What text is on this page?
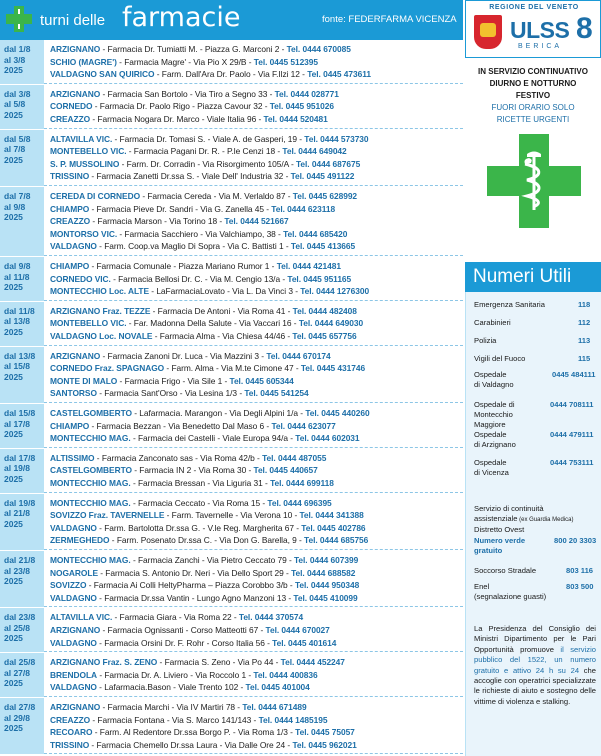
turni delle farmacie	fonte: FEDERFARMA VICENZA
dal 1/8
al 3/8
2025
ARZIGNANO - Farmacia Dr. Tumiatti M. - Piazza G. Marconi 2 - Tel. 0444 670085
SCHIO (MAGRE') - Farmacia Magre' - Via Pio X 29/B - Tel. 0445 512395
VALDAGNO SAN QUIRICO - Farm. Dall'Ara Dr. Paolo - Via F.Ilzi 12 - Tel. 0445 473611
dal 3/8
al 5/8
2025
ARZIGNANO - Farmacia San Bortolo - Via Tiro a Segno 33 - Tel. 0444 028771
CORNEDO - Farmacia Dr. Paolo Rigo - Piazza Cavour 32 - Tel. 0445 951026
CREAZZO - Farmacia Nogara Dr. Marco - Viale Italia 96 - Tel. 0444 520481
dal 5/8
al 7/8
2025
ALTAVILLA VIC. - Farmacia Dr. Tomasi S. - Viale A. de Gasperi, 19 - Tel. 0444 573730
MONTEBELLO VIC. - Farmacia Pagani Dr. R. - P.le Cenzi 18 - Tel. 0444 649042
S. P. MUSSOLINO - Farm. Dr. Corradin - Via Risorgimento 105/A - Tel. 0444 687675
TRISSINO - Farmacia Zanetti Dr.ssa S. - Viale Dell' Industria 32 - Tel. 0445 491122
dal 7/8
al 9/8
2025
CEREDA DI CORNEDO - Farmacia Cereda - Via M. Verlaldo 87 - Tel. 0445 628992
CHIAMPO - Farmacia Pieve Dr. Sandri - Via G. Zanella 45 - Tel. 0444 623118
CREAZZO - Farmacia Marson - Via Torino 18 - Tel. 0444 521667
MONTORSO VIC. - Farmacia Sacchiero - Via Valchiampo, 38 - Tel. 0444 685420
VALDAGNO - Farm. Coop.va Maglio Di Sopra - Via C. Battisti 1 - Tel. 0445 413665
dal 9/8
al 11/8
2025
CHIAMPO - Farmacia Comunale - Piazza Mariano Rumor 1 - Tel. 0444 421481
CORNEDO VIC. - Farmacia Bellosi Dr. C. - Via M. Cengio 13/a - Tel. 0445 951165
MONTECCHIO Loc. ALTE - LaFarmaciaLovato - Via L. Da Vinci 3 - Tel. 0444 1276300
dal 11/8
al 13/8
2025
ARZIGNANO Fraz. TEZZE - Farmacia De Antoni - Via Roma 41 - Tel. 0444 482408
MONTEBELLO VIC. - Far. Madonna Della Salute - Via Vaccari 16 - Tel. 0444 649030
VALDAGNO Loc. NOVALE - Farmacia Alma - Via Chiesa 44/46 - Tel. 0445 657756
dal 13/8
al 15/8
2025
ARZIGNANO - Farmacia Zanoni Dr. Luca - Via Mazzini 3 - Tel. 0444 670174
CORNEDO Fraz. SPAGNAGO - Farm. Alma - Via M.te Cimone 47 - Tel. 0445 431746
MONTE DI MALO - Farmacia Frigo - Via Sile 1 - Tel. 0445 605344
SANTORSO - Farmacia Sant'Orso - Via Lesina 1/3 - Tel. 0445 541254
dal 15/8
al 17/8
2025
CASTELGOMBERTO - Lafarmacia. Marangon - Via Degli Alpini 1/a - Tel. 0445 440260
CHIAMPO - Farmacia Bezzan - Via Benedetto Dal Maso 6 - Tel. 0444 623077
MONTECCHIO MAG. - Farmacia dei Castelli - Viale Europa 94/a - Tel. 0444 602031
dal 17/8
al 19/8
2025
ALTISSIMO - Farmacia Zanconato sas - Via Roma 42/b - Tel. 0444 487055
CASTELGOMBERTO - Farmacia IN 2 - Via Roma 30 - Tel. 0445 440657
MONTECCHIO MAG. - Farmacia Bressan - Via Liguria 31 - Tel. 0444 699118
dal 19/8
al 21/8
2025
MONTECCHIO MAG. - Farmacia Ceccato - Via Roma 15 - Tel. 0444 696395
SOVIZZO Fraz. TAVERNELLE - Farm. Tavernelle - Via Verona 10 - Tel. 0444 341388
VALDAGNO - Farm. Bartolotta Dr.ssa G. - V.le Reg. Margherita 67 - Tel. 0445 402786
ZERMEGHEDO - Farm. Posenato Dr.ssa C. - Via Don G. Barella, 9 - Tel. 0444 685756
dal 21/8
al 23/8
2025
MONTECCHIO MAG. - Farmacia Zanchi - Via Pietro Ceccato 79 - Tel. 0444 607399
NOGAROLE - Farmacia S. Antonio Dr. Neri - Via Dello Sport 29 - Tel. 0444 688582
SOVIZZO - Farmacia Ai Colli HeltyPharma – Piazza Corobbo 3/b - Tel. 0444 950348
VALDAGNO - Farmacia Dr.ssa Vantin - Lungo Agno Manzoni 13 - Tel. 0445 410099
dal 23/8
al 25/8
2025
ALTAVILLA VIC. - Farmacia Giara - Via Roma 22 - Tel. 0444 370574
ARZIGNANO - Farmacia Ognissanti - Corso Matteotti 67 - Tel. 0444 670027
VALDAGNO - Farmacia Orsini Dr. F. Rohr - Corso Italia 56 - Tel. 0445 401614
dal 25/8
al 27/8
2025
ARZIGNANO Fraz. S. ZENO - Farmacia S. Zeno - Via Po 44 - Tel. 0444 452247
BRENDOLA - Farmacia Dr. A. Liviero - Via Roccolo 1 - Tel. 0444 400836
VALDAGNO - Lafarmacia.Bason - Viale Trento 102 - Tel. 0445 401004
dal 27/8
al 29/8
2025
ARZIGNANO - Farmacia Marchi - Via IV Martiri 78 - Tel. 0444 671489
CREAZZO - Farmacia Fontana - Via S. Marco 141/143 - Tel. 0444 1485195
RECOARO - Farm. Al Redentore Dr.ssa Borgo P. - Via Roma 1/3 - Tel. 0445 75057
TRISSINO - Farmacia Chemello Dr.ssa Laura - Via Dalle Ore 24 - Tel. 0445 962021
REGIONE DEL VENETO
ULSS 8
BERICA
IN SERVIZIO CONTINUATIVO
DIURNO E NOTTURNO
FESTIVO
FUORI ORARIO SOLO
RICETTE URGENTI
Numeri Utili
Emergenza Sanitaria	118
Carabinieri	112
Polizia	113
Vigili del Fuoco	115
Ospedale
di Valdagno
0445 484111
Ospedale di Montecchio
Maggiore
0444 708111
Ospedale
di Arzignano
0444 479111
Ospedale
di Vicenza
0444 753111
Servizio di continuità
assistenziale (ex Guardia Medica)
Distretto Ovest
Numero verde
gratuito
800 20 3303
Soccorso Stradale	803 116
Enel
(segnalazione guasti)
803 500
La Presidenza del Consiglio dei Ministri Dipartimento per le Pari Opportunità promuove il servizio pubblico del 1522, un numero gratuito e attivo 24 h su 24 che accoglie con operatrici specializzate le richieste di aiuto e sostegno delle vittime di violenza e stalking.
